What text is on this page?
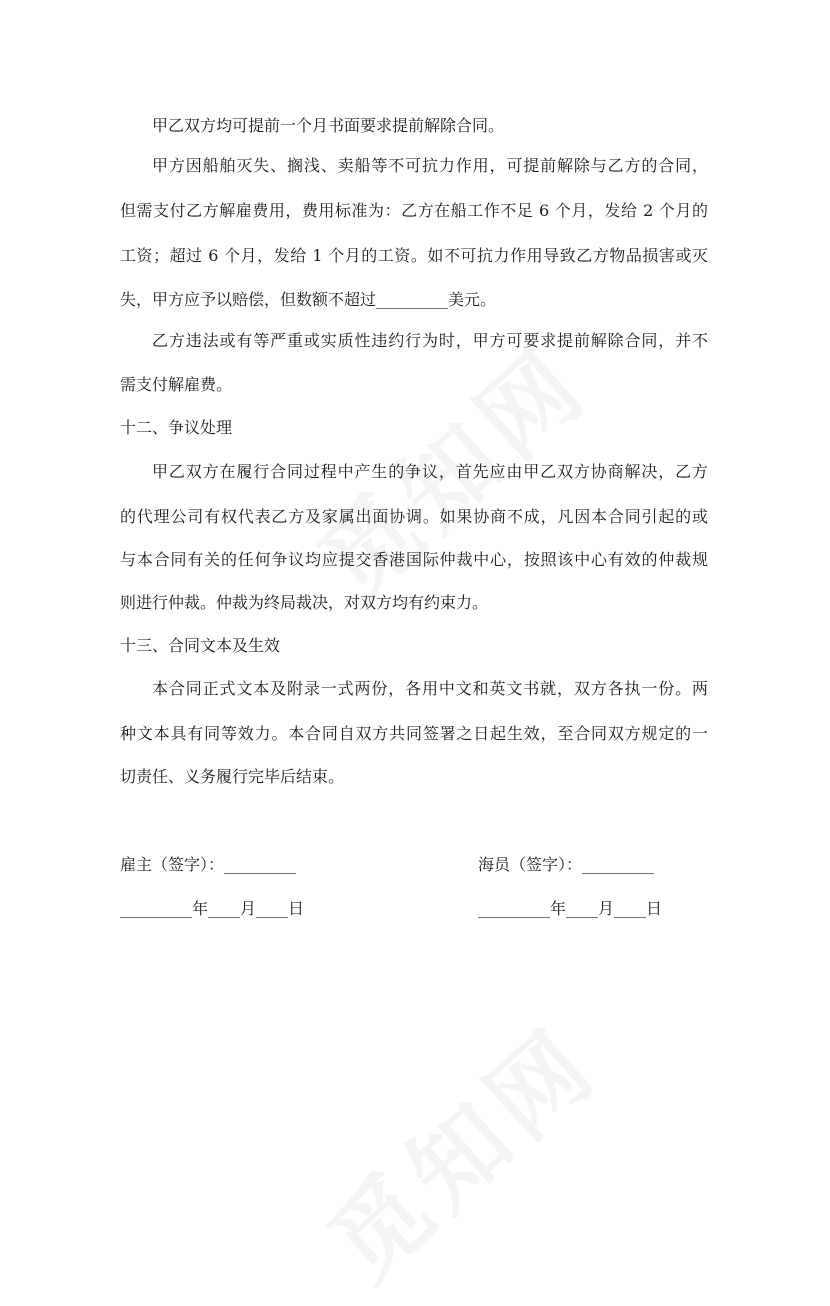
甲乙双方均可提前一个月书面要求提前解除合同。
甲方因船舶灭失、搁浅、卖船等不可抗力作用，可提前解除与乙方的合同，
但需支付乙方解雇费用，费用标准为：乙方在船工作不足 6 个月，发给 2 个月的
工资；超过 6 个月，发给 1 个月的工资。如不可抗力作用导致乙方物品损害或灭
失，甲方应予以赔偿，但数额不超过_________美元。
乙方违法或有等严重或实质性违约行为时，甲方可要求提前解除合同，并不
需支付解雇费。
十二、争议处理
甲乙双方在履行合同过程中产生的争议，首先应由甲乙双方协商解决，乙方
的代理公司有权代表乙方及家属出面协调。如果协商不成，凡因本合同引起的或
与本合同有关的任何争议均应提交香港国际仲裁中心，按照该中心有效的仲裁规
则进行仲裁。仲裁为终局裁决，对双方均有约束力。
十三、合同文本及生效
本合同正式文本及附录一式两份，各用中文和英文书就，双方各执一份。两
种文本具有同等效力。本合同自双方共同签署之日起生效，至合同双方规定的一
切责任、义务履行完毕后结束。
雇主（签字）：_________	海员（签字）：_________
_________年____月____日	_________年____月____日
